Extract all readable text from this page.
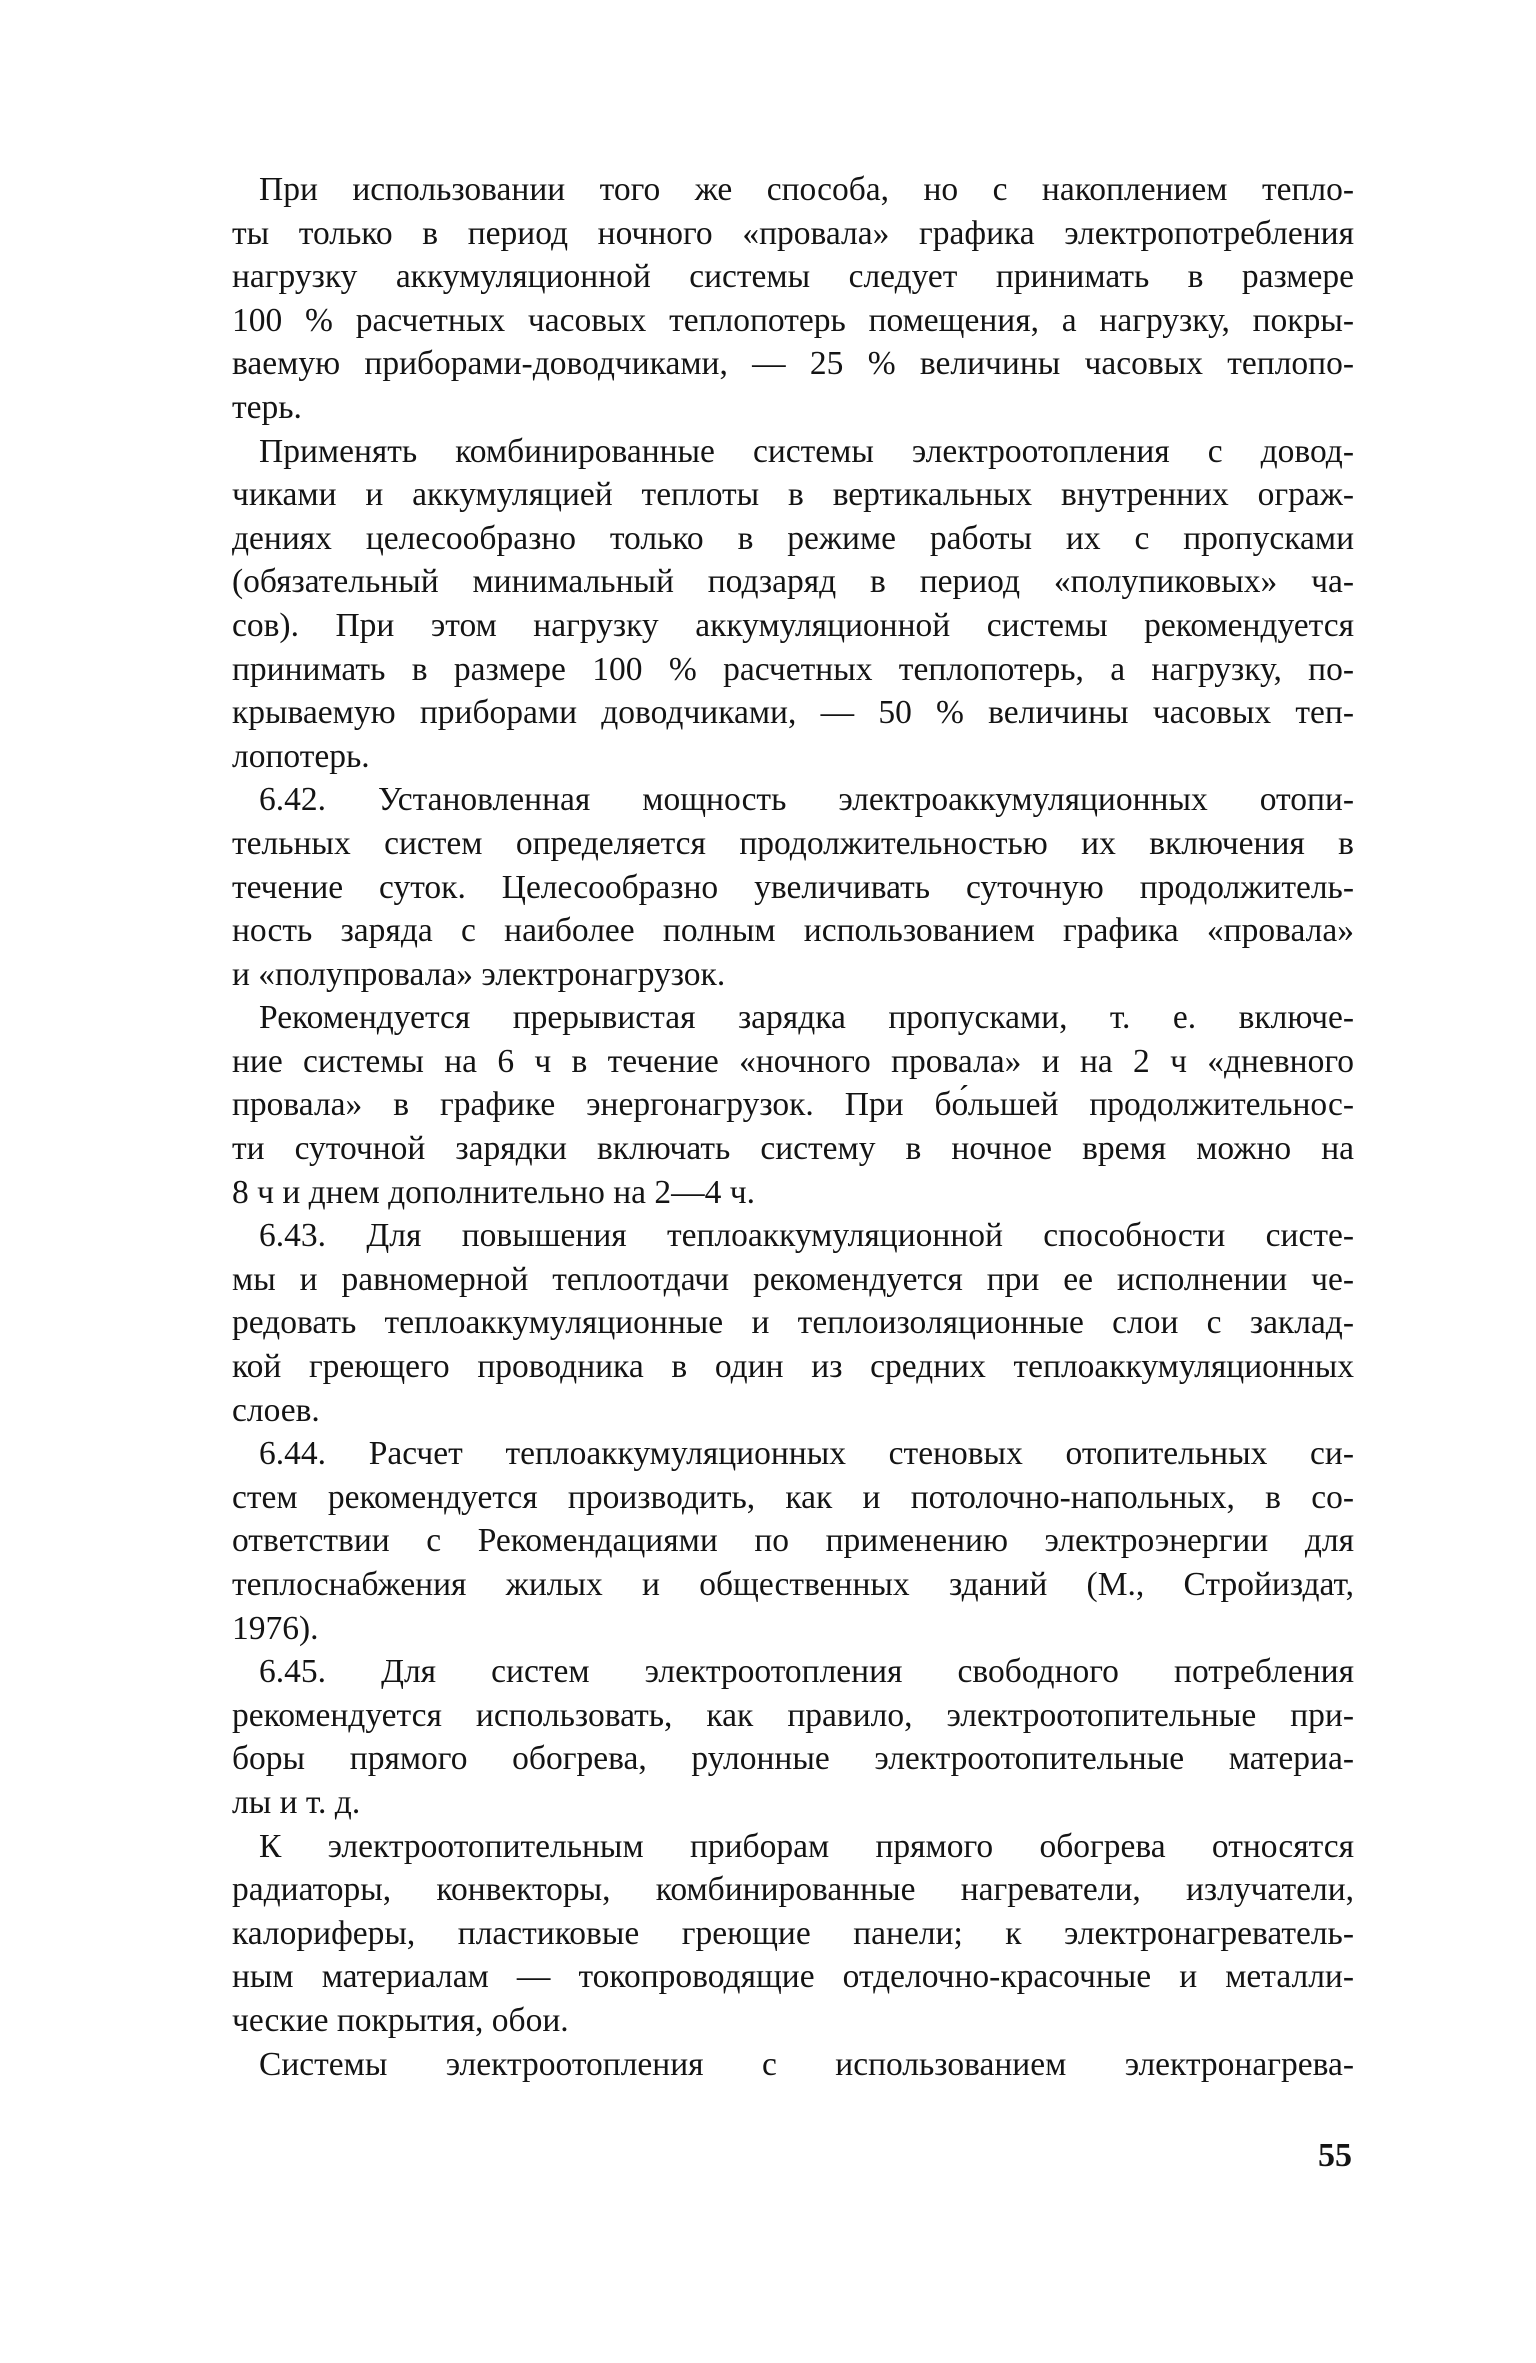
При использовании того же способа, но с накоплением тепло-
ты только в период ночного «провала» графика электропотребления
нагрузку аккумуляционной системы следует принимать в размере
100 % расчетных часовых теплопотерь помещения, а нагрузку, покры-
ваемую приборами-доводчиками, — 25 % величины часовых теплопо-
терь.

Применять комбинированные системы электроотопления с довод-
чиками и аккумуляцией теплоты в вертикальных внутренних ограж-
дениях целесообразно только в режиме работы их с пропусками
(обязательный минимальный подзаряд в период «полупиковых» ча-
сов). При этом нагрузку аккумуляционной системы рекомендуется
принимать в размере 100 % расчетных теплопотерь, а нагрузку, по-
крываемую приборами доводчиками, — 50 % величины часовых теп-
лопотерь.

6.42. Установленная мощность электроаккумуляционных отопи-
тельных систем определяется продолжительностью их включения в
течение суток. Целесообразно увеличивать суточную продолжитель-
ность заряда с наиболее полным использованием графика «провала»
и «полупровала» электронагрузок.

Рекомендуется прерывистая зарядка пропусками, т. е. включе-
ние системы на 6 ч в течение «ночного провала» и на 2 ч «дневного
провала» в графике энергонагрузок. При бо́льшей продолжительнос-
ти суточной зарядки включать систему в ночное время можно на
8 ч и днем дополнительно на 2—4 ч.

6.43. Для повышения теплоаккумуляционной способности систе-
мы и равномерной теплоотдачи рекомендуется при ее исполнении че-
редовать теплоаккумуляционные и теплоизоляционные слои с заклад-
кой греющего проводника в один из средних теплоаккумуляционных
слоев.

6.44. Расчет теплоаккумуляционных стеновых отопительных си-
стем рекомендуется производить, как и потолочно-напольных, в со-
ответствии с Рекомендациями по применению электроэнергии для
теплоснабжения жилых и общественных зданий (М., Стройиздат,
1976).

6.45. Для систем электроотопления свободного потребления
рекомендуется использовать, как правило, электроотопительные при-
боры прямого обогрева, рулонные электроотопительные материа-
лы и т. д.

К электроотопительным приборам прямого обогрева относятся
радиаторы, конвекторы, комбинированные нагреватели, излучатели,
калориферы, пластиковые греющие панели; к электронагреватель-
ным материалам — токопроводящие отделочно-красочные и металли-
ческие покрытия, обои.

Системы электроотопления с использованием электронагрева-

55
